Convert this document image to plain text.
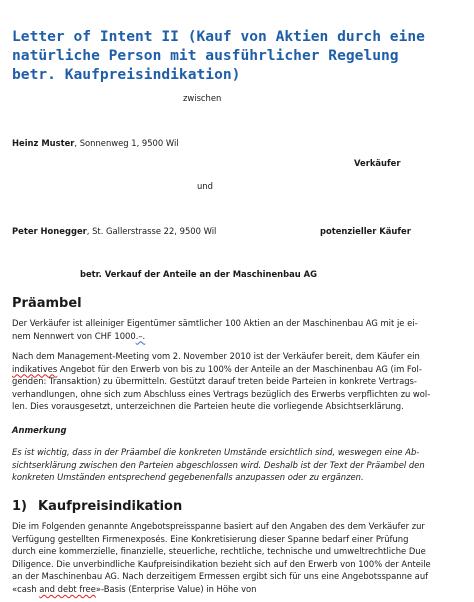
Letter of Intent II (Kauf von Aktien durch eine
natürliche Person mit ausführlicher Regelung
betr. Kaufpreisindikation)
zwischen
Heinz Muster, Sonnenweg 1, 9500 Wil
Verkäufer
und
Peter Honegger, St. Gallerstrasse 22, 9500 Wil	potenzieller Käufer
betr. Verkauf der Anteile an der Maschinenbau AG
Präambel

Der Verkäufer ist alleiniger Eigentümer sämtlicher 100 Aktien an der Maschinenbau AG mit je ei-
nem Nennwert von CHF 1000.–.

Nach dem Management-Meeting vom 2. November 2010 ist der Verkäufer bereit, dem Käufer ein
indikatives Angebot für den Erwerb von bis zu 100% der Anteile an der Maschinenbau AG (im Fol-
genden: Transaktion) zu übermitteln. Gestützt darauf treten beide Parteien in konkrete Vertrags-
verhandlungen, ohne sich zum Abschluss eines Vertrags bezüglich des Erwerbs verpflichten zu wol-
len. Dies vorausgesetzt, unterzeichnen die Parteien heute die vorliegende Absichtserklärung.

Anmerkung

Es ist wichtig, dass in der Präambel die konkreten Umstände ersichtlich sind, weswegen eine Ab-
sichtserklärung zwischen den Parteien abgeschlossen wird. Deshalb ist der Text der Präambel den
konkreten Umständen entsprechend gegebenenfalls anzupassen oder zu ergänzen.

1) Kaufpreisindikation

Die im Folgenden genannte Angebotspreisspanne basiert auf den Angaben des dem Verkäufer zur
Verfügung gestellten Firmenexposés. Eine Konkretisierung dieser Spanne bedarf einer Prüfung
durch eine kommerzielle, finanzielle, steuerliche, rechtliche, technische und umweltrechtliche Due
Diligence. Die unverbindliche Kaufpreisindikation bezieht sich auf den Erwerb von 100% der Anteile
an der Maschinenbau AG. Nach derzeitigem Ermessen ergibt sich für uns eine Angebotsspanne auf
«cash and debt free»-Basis (Enterprise Value) in Höhe von
